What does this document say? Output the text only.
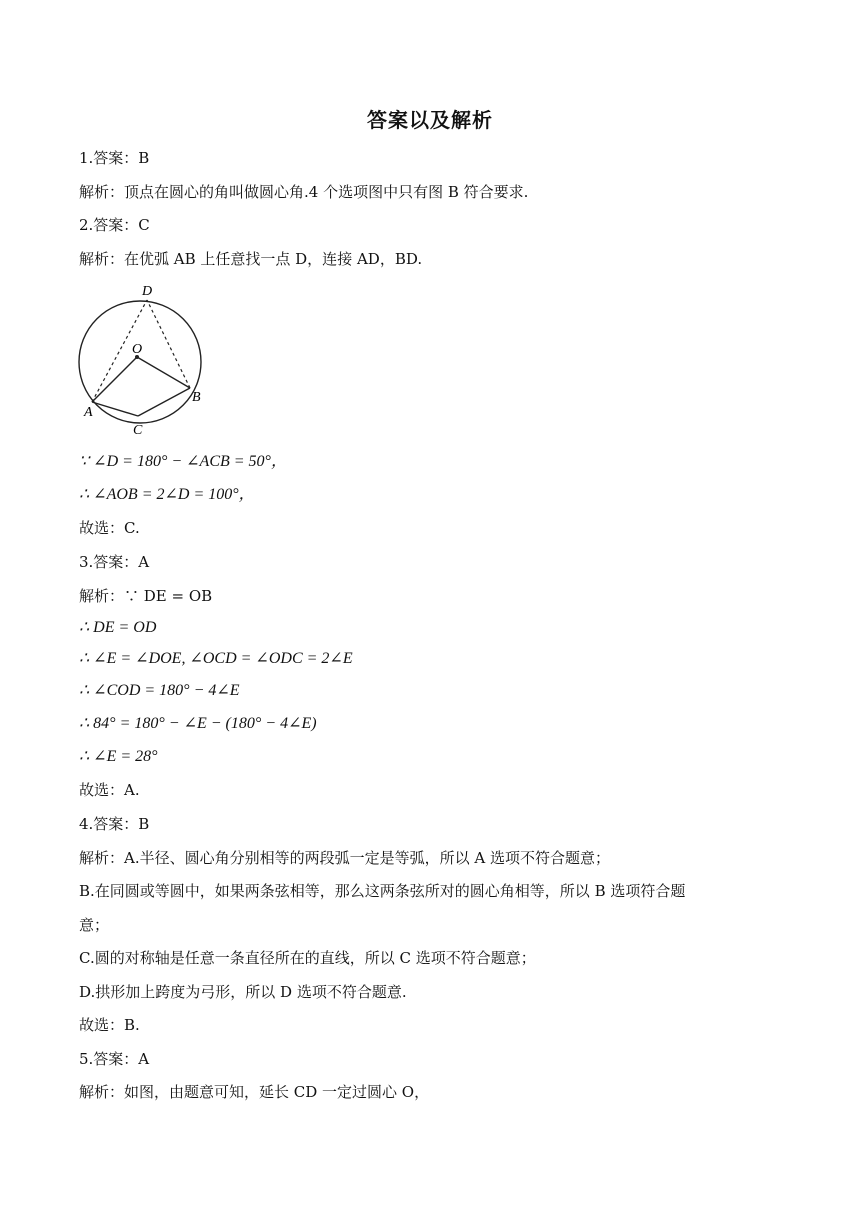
答案以及解析
1.答案：B
解析：顶点在圆心的角叫做圆心角.4 个选项图中只有图 B 符合要求.
2.答案：C
解析：在优弧 AB 上任意找一点 D，连接 AD，BD.
D
O
A
B
C
∵ ∠D = 180° − ∠ACB = 50°，
∴ ∠AOB = 2∠D = 100°，
故选：C.
3.答案：A
解析：∵ DE = OB
∴ DE = OD
∴ ∠E = ∠DOE, ∠OCD = ∠ODC = 2∠E
∴ ∠COD = 180° − 4∠E
∴ 84° = 180° − ∠E − (180° − 4∠E)
∴ ∠E = 28°
故选：A.
4.答案：B
解析：A.半径、圆心角分别相等的两段弧一定是等弧，所以 A 选项不符合题意；
B.在同圆或等圆中，如果两条弦相等，那么这两条弦所对的圆心角相等，所以 B 选项符合题
意；
C.圆的对称轴是任意一条直径所在的直线，所以 C 选项不符合题意；
D.拱形加上跨度为弓形，所以 D 选项不符合题意.
故选：B.
5.答案：A
解析：如图，由题意可知，延长 CD 一定过圆心 O，
